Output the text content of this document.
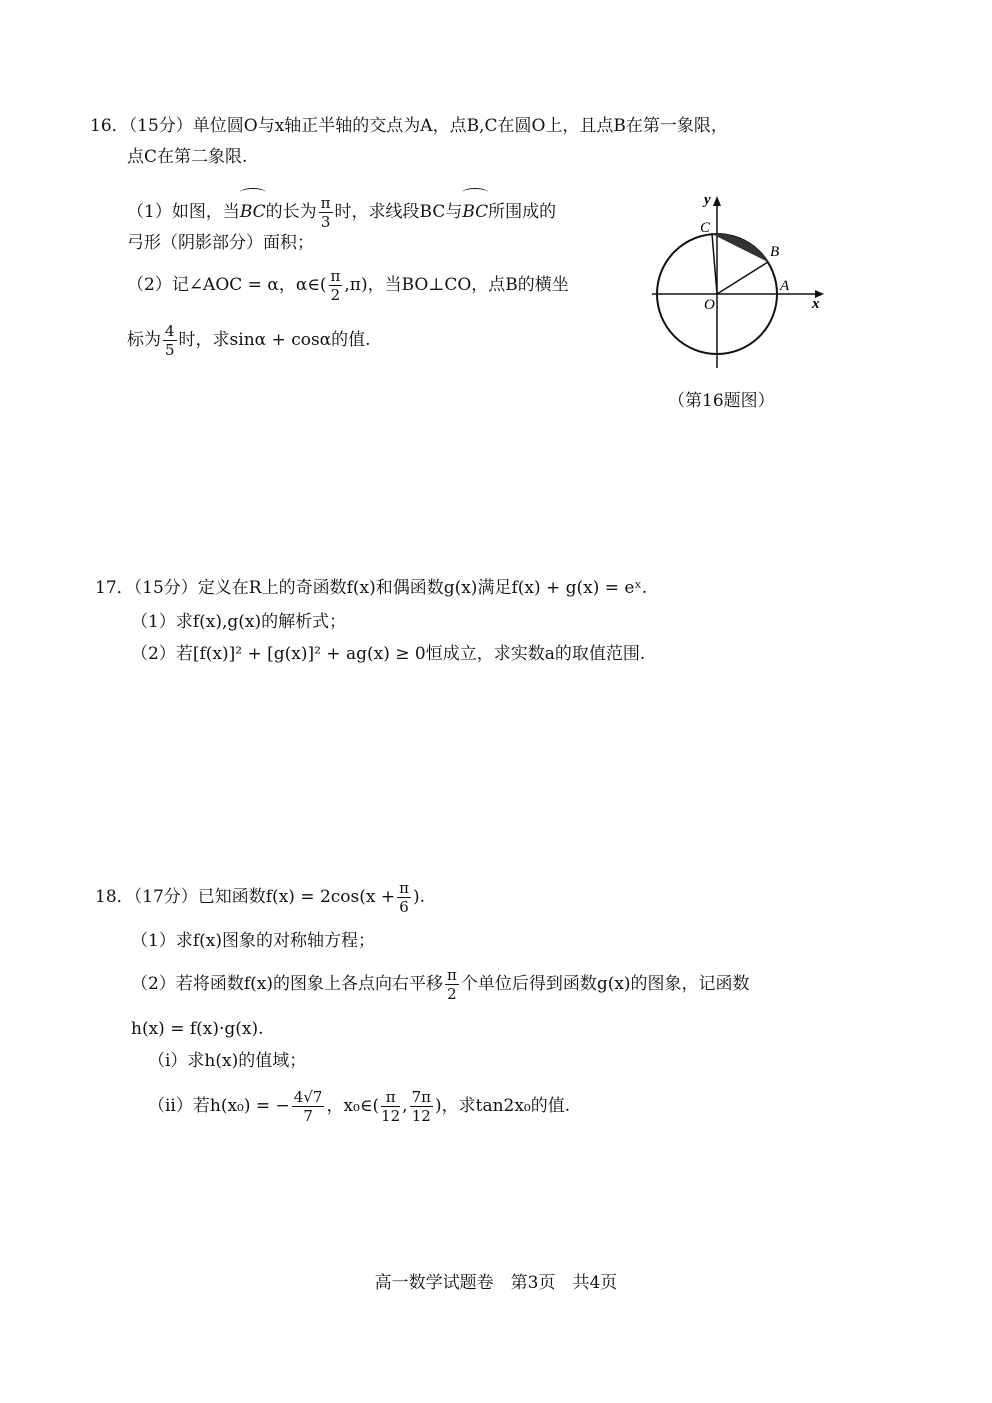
16．（15分）单位圆O与x轴正半轴的交点为A，点B,C在圆O上，且点B在第一象限，
点C在第二象限.
（1）如图，当BC的长为 $\frac{\pi}{3}$ 时，求线段BC与BC所围成的
弓形（阴影部分）面积；
（2）记∠AOC = α，α∈( $\frac{\pi}{2} ,\pi$)，当BO⊥CO，点B的横坐
标为 $\frac{4}{5}$ 时，求sinα + cosα的值.
y
x
C
B
A
O
（第16题图）
17．（15分）定义在R上的奇函数f(x)和偶函数g(x)满足f(x) + g(x) = eˣ.
（1）求f(x),g(x)的解析式；
（2）若[f(x)]² + [g(x)]² + ag(x) ≥ 0恒成立，求实数a的取值范围.
18．（17分）已知函数$f(x) = 2\cos(x + \frac{\pi}{6}$ ).
（1）求f(x)图象的对称轴方程；
（2）若将函数f(x)的图象上各点向右平移 $\frac{\pi}{2}$ 个单位后得到函数g(x)的图象，记函数
h(x) = f(x)·g(x).
（i）求h(x)的值域；
（ii）若h(x₀) = − $\frac{4√7}{7}$ ，x₀∈( $\frac{\pi}{12}$ , $\frac{7\pi}{12}$ )，求tan2x₀的值.
高一数学试题卷　第3页　共4页
